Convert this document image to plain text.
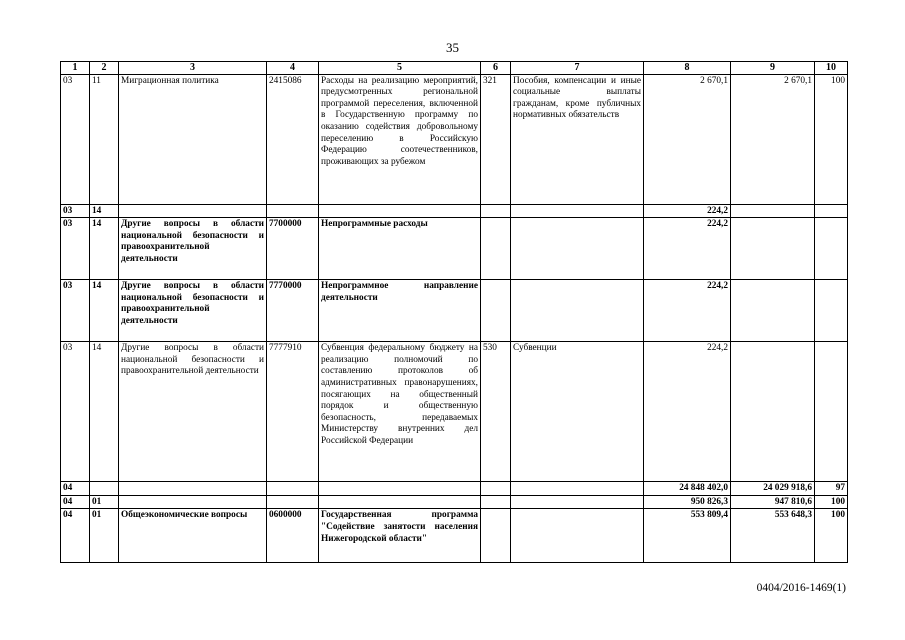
35
1	2	3	4	5	6	7	8	9	10
03	11	Миграционная политика	2415086	Расходы на реализацию мероприятий, предусмотренных региональной программой переселения, включенной в Государственную программу по оказанию содействия добровольному переселению в Российскую Федерацию соотечественников, проживающих за рубежом	321	Пособия, компенсации и иные социальные выплаты гражданам, кроме публичных нормативных обязательств	2 670,1	2 670,1	100
03	14						224,2		
03	14	Другие вопросы в области национальной безопасности и правоохранительной деятельности	7700000	Непрограммные расходы			224,2		
03	14	Другие вопросы в области национальной безопасности и правоохранительной деятельности	7770000	Непрограммное направление деятельности			224,2		
03	14	Другие вопросы в области национальной безопасности и правоохранительной деятельности	7777910	Субвенция федеральному бюджету на реализацию полномочий по составлению протоколов об административных правонарушениях, посягающих на общественный порядок и общественную безопасность, передаваемых Министерству внутренних дел Российской Федерации	530	Субвенции	224,2		
04							24 848 402,0	24 029 918,6	97
04	01						950 826,3	947 810,6	100
04	01	Общеэкономические вопросы	0600000	Государственная программа "Содействие занятости населения Нижегородской области"			553 809,4	553 648,3	100
0404/2016-1469(1)
